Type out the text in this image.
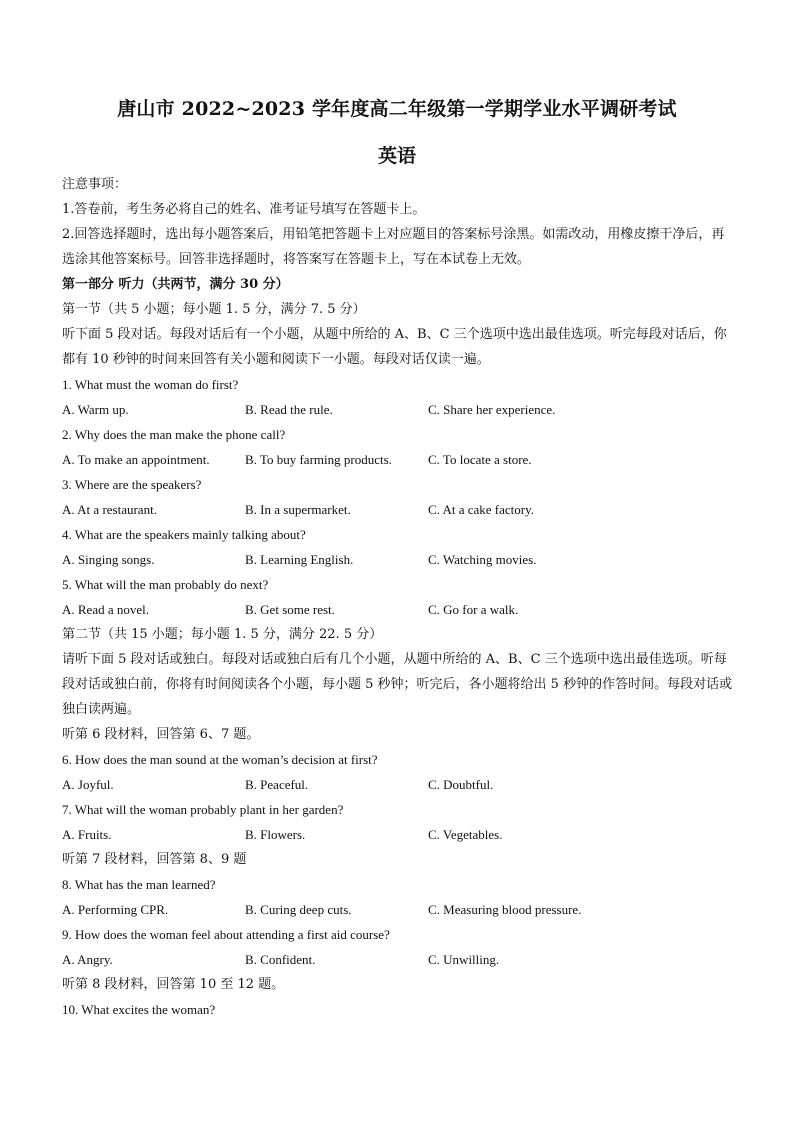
唐山市 2022~2023 学年度高二年级第一学期学业水平调研考试
英语
注意事项：
1.答卷前，考生务必将自己的姓名、准考证号填写在答题卡上。
2.回答选择题时，选出每小题答案后，用铅笔把答题卡上对应题目的答案标号涂黑。如需改动，用橡皮擦干净后，再选涂其他答案标号。回答非选择题时，将答案写在答题卡上，写在本试卷上无效。
第一部分 听力（共两节，满分 30 分）
第一节（共 5 小题；每小题 1. 5 分，满分 7. 5 分）
听下面 5 段对话。每段对话后有一个小题，从题中所给的 A、B、C 三个选项中选出最佳选项。听完每段对话后，你都有 10 秒钟的时间来回答有关小题和阅读下一小题。每段对话仅读一遍。
1. What must the woman do first?
A. Warm up.	B. Read the rule.	C. Share her experience.
2. Why does the man make the phone call?
A. To make an appointment.	B. To buy farming products.	C. To locate a store.
3. Where are the speakers?
A. At a restaurant.	B. In a supermarket.	C. At a cake factory.
4. What are the speakers mainly talking about?
A. Singing songs.	B. Learning English.	C. Watching movies.
5. What will the man probably do next?
A. Read a novel.	B. Get some rest.	C. Go for a walk.
第二节（共 15 小题；每小题 1. 5 分，满分 22. 5 分）
请听下面 5 段对话或独白。每段对话或独白后有几个小题，从题中所给的 A、B、C 三个选项中选出最佳选项。听每段对话或独白前，你将有时间阅读各个小题，每小题 5 秒钟；听完后，各小题将给出 5 秒钟的作答时间。每段对话或独白读两遍。
听第 6 段材料，回答第 6、7 题。
6. How does the man sound at the woman’s decision at first?
A. Joyful.	B. Peaceful.	C. Doubtful.
7. What will the woman probably plant in her garden?
A. Fruits.	B. Flowers.	C. Vegetables.
听第 7 段材料，回答第 8、9 题
8. What has the man learned?
A. Performing CPR.	B. Curing deep cuts.	C. Measuring blood pressure.
9. How does the woman feel about attending a first aid course?
A. Angry.	B. Confident.	C. Unwilling.
听第 8 段材料，回答第 10 至 12 题。
10. What excites the woman?
